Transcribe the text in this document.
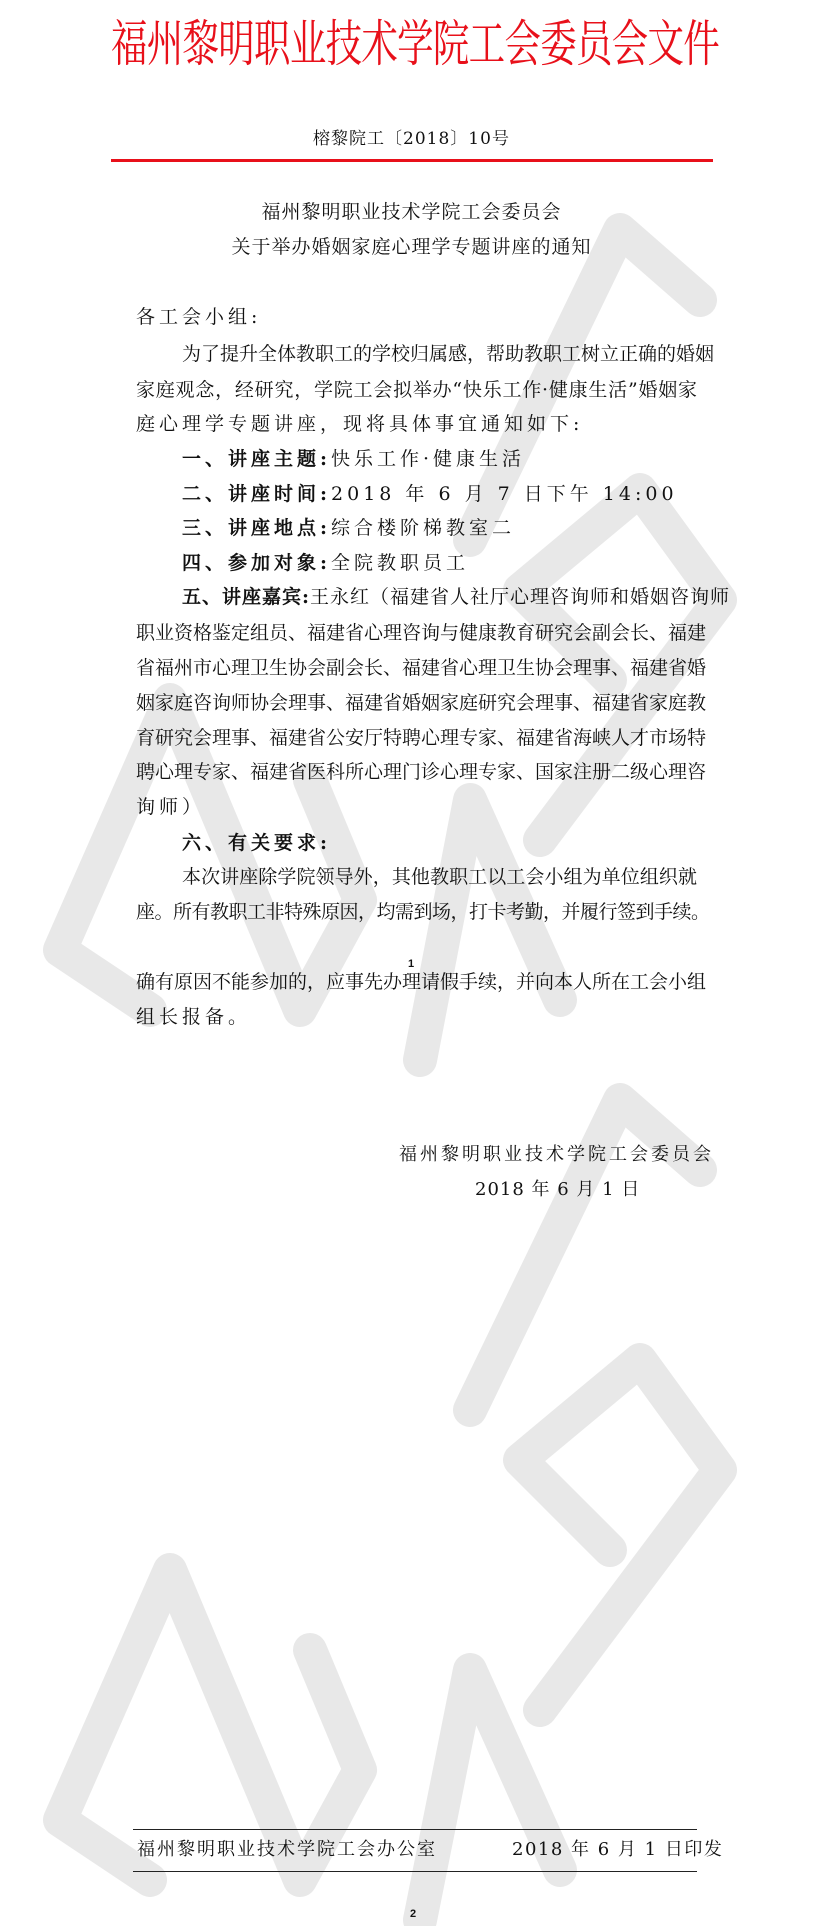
福州黎明职业技术学院工会委员会文件
榕黎院工〔2018〕10号
福州黎明职业技术学院工会委员会
关于举办婚姻家庭心理学专题讲座的通知
各工会小组:
为了提升全体教职工的学校归属感，帮助教职工树立正确的婚姻
家庭观念，经研究，学院工会拟举办“快乐工作·健康生活”婚姻家
庭心理学专题讲座，现将具体事宜通知如下:
一、讲座主题:快乐工作·健康生活
二、讲座时间:2018 年 6 月 7 日下午 14:00
三、讲座地点:综合楼阶梯教室二
四、参加对象:全院教职员工
五、讲座嘉宾:王永红（福建省人社厅心理咨询师和婚姻咨询师
职业资格鉴定组员、福建省心理咨询与健康教育研究会副会长、福建
省福州市心理卫生协会副会长、福建省心理卫生协会理事、福建省婚
姻家庭咨询师协会理事、福建省婚姻家庭研究会理事、福建省家庭教
育研究会理事、福建省公安厅特聘心理专家、福建省海峡人才市场特
聘心理专家、福建省医科所心理门诊心理专家、国家注册二级心理咨
询师）
六、有关要求:
本次讲座除学院领导外，其他教职工以工会小组为单位组织就
座。所有教职工非特殊原因，均需到场，打卡考勤，并履行签到手续。
1
确有原因不能参加的，应事先办理请假手续，并向本人所在工会小组
组长报备。
福州黎明职业技术学院工会委员会
2018 年 6 月 1 日
福州黎明职业技术学院工会办公室	2018 年 6 月 1 日印发
2
